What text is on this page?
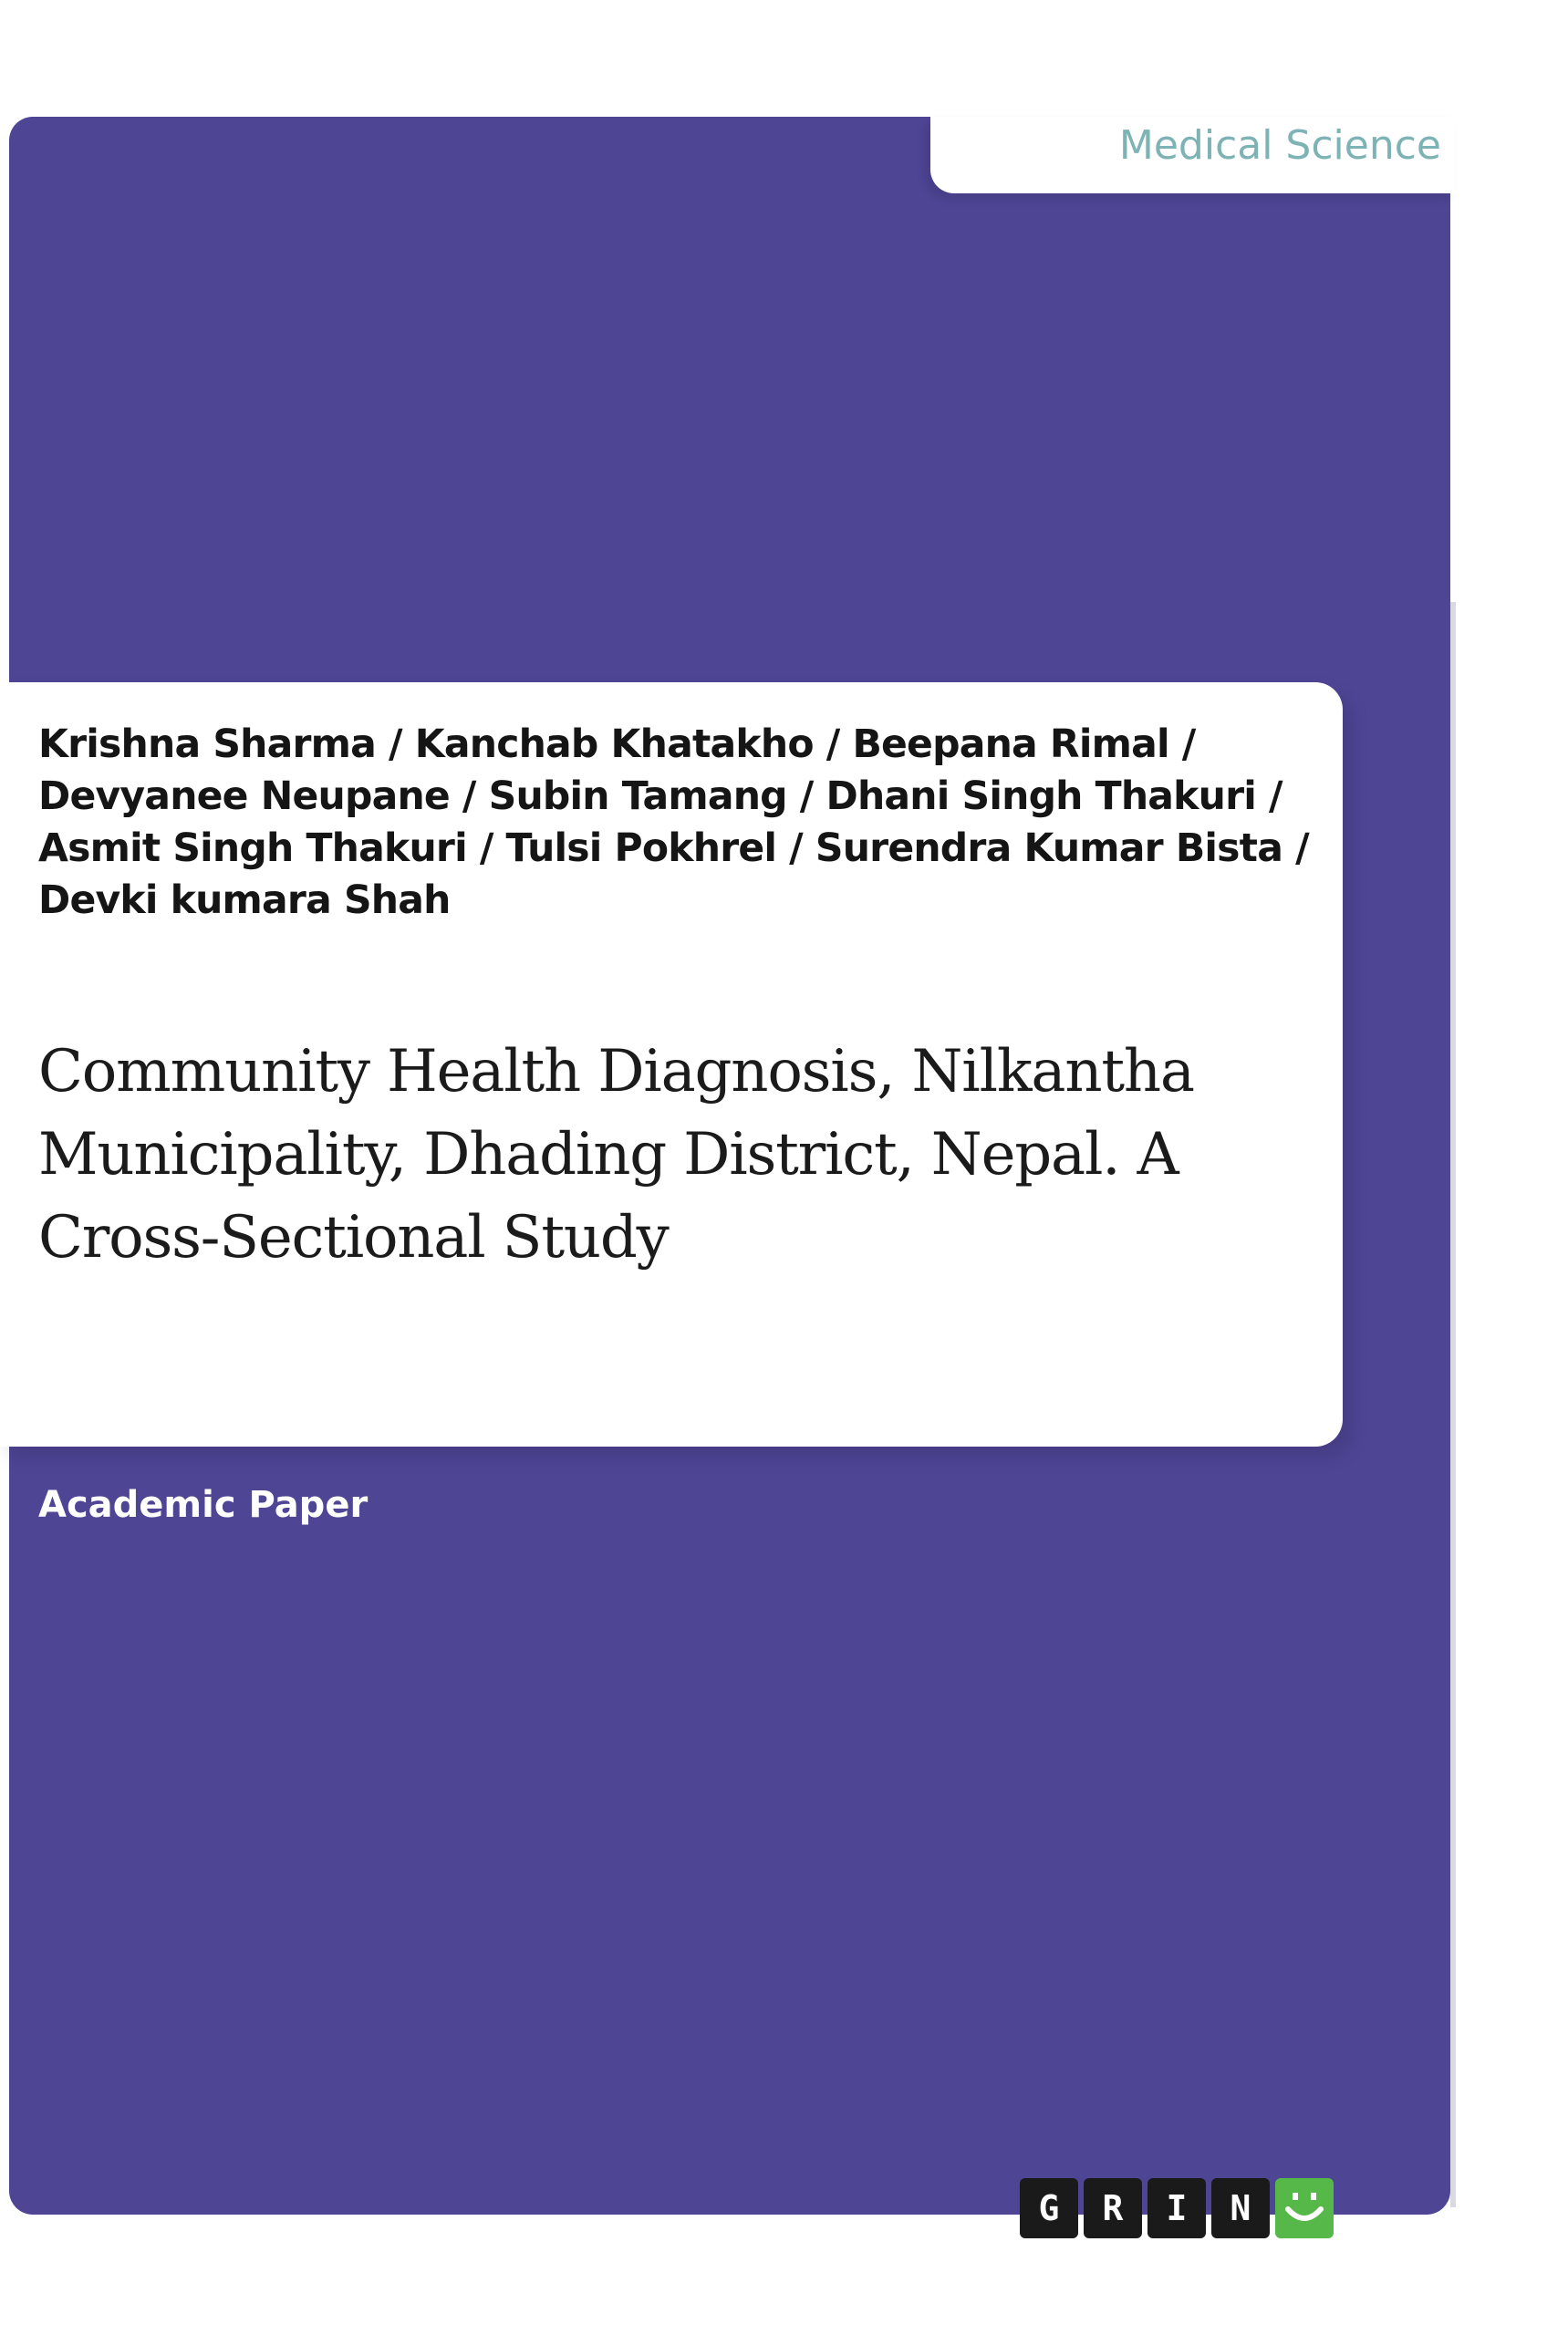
Medical Science
Krishna Sharma / Kanchab Khatakho / Beepana Rimal / Devyanee Neupane / Subin Tamang / Dhani Singh Thakuri / Asmit Singh Thakuri / Tulsi Pokhrel / Surendra Kumar Bista / Devki kumara Shah
Community Health Diagnosis, Nilkantha Municipality, Dhading District, Nepal. A Cross-Sectional Study
Academic Paper
G	R	I	N
